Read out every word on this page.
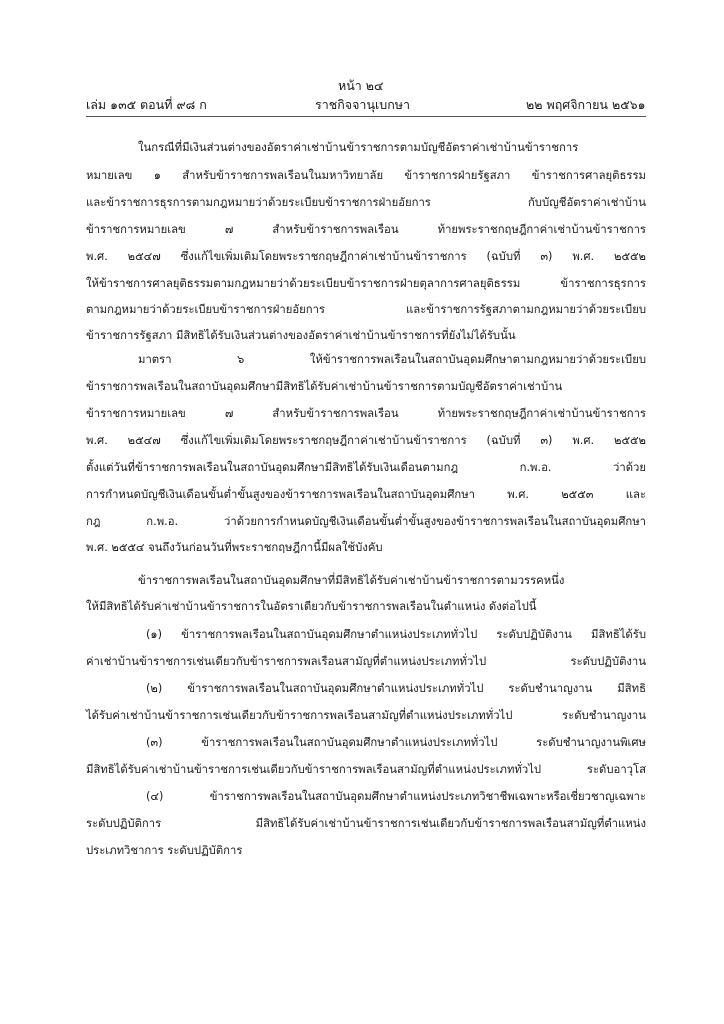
หน้า ๒๔
เล่ม ๑๓๕ ตอนที่ ๙๘ ก	ราชกิจจานุเบกษา	๒๒ พฤศจิกายน ๒๕๖๑
ในกรณีที่มีเงินส่วนต่างของอัตราค่าเช่าบ้านข้าราชการตามบัญชีอัตราค่าเช่าบ้านข้าราชการ
หมายเลข ๑ สำหรับข้าราชการพลเรือนในมหาวิทยาลัย ข้าราชการฝ่ายรัฐสภา ข้าราชการศาลยุติธรรม
และข้าราชการธุรการตามกฎหมายว่าด้วยระเบียบข้าราชการฝ่ายอัยการ กับบัญชีอัตราค่าเช่าบ้าน
ข้าราชการหมายเลข ๗ สำหรับข้าราชการพลเรือน ท้ายพระราชกฤษฎีกาค่าเช่าบ้านข้าราชการ
พ.ศ. ๒๕๔๗ ซึ่งแก้ไขเพิ่มเติมโดยพระราชกฤษฎีกาค่าเช่าบ้านข้าราชการ (ฉบับที่ ๓) พ.ศ. ๒๕๕๒
ให้ข้าราชการศาลยุติธรรมตามกฎหมายว่าด้วยระเบียบข้าราชการฝ่ายตุลาการศาลยุติธรรม ข้าราชการธุรการ
ตามกฎหมายว่าด้วยระเบียบข้าราชการฝ่ายอัยการ และข้าราชการรัฐสภาตามกฎหมายว่าด้วยระเบียบ
ข้าราชการรัฐสภา มีสิทธิได้รับเงินส่วนต่างของอัตราค่าเช่าบ้านข้าราชการที่ยังไม่ได้รับนั้น
มาตรา ๖ ให้ข้าราชการพลเรือนในสถาบันอุดมศึกษาตามกฎหมายว่าด้วยระเบียบ
ข้าราชการพลเรือนในสถาบันอุดมศึกษามีสิทธิได้รับค่าเช่าบ้านข้าราชการตามบัญชีอัตราค่าเช่าบ้าน
ข้าราชการหมายเลข ๗ สำหรับข้าราชการพลเรือน ท้ายพระราชกฤษฎีกาค่าเช่าบ้านข้าราชการ
พ.ศ. ๒๕๔๗ ซึ่งแก้ไขเพิ่มเติมโดยพระราชกฤษฎีกาค่าเช่าบ้านข้าราชการ (ฉบับที่ ๓) พ.ศ. ๒๕๕๒
ตั้งแต่วันที่ข้าราชการพลเรือนในสถาบันอุดมศึกษามีสิทธิได้รับเงินเดือนตามกฎ ก.พ.อ. ว่าด้วย
การกำหนดบัญชีเงินเดือนขั้นต่ำขั้นสูงของข้าราชการพลเรือนในสถาบันอุดมศึกษา พ.ศ. ๒๕๕๓ และ
กฎ ก.พ.อ. ว่าด้วยการกำหนดบัญชีเงินเดือนขั้นต่ำขั้นสูงของข้าราชการพลเรือนในสถาบันอุดมศึกษา
พ.ศ. ๒๕๕๔ จนถึงวันก่อนวันที่พระราชกฤษฎีกานี้มีผลใช้บังคับ
ข้าราชการพลเรือนในสถาบันอุดมศึกษาที่มีสิทธิได้รับค่าเช่าบ้านข้าราชการตามวรรคหนึ่ง
ให้มีสิทธิได้รับค่าเช่าบ้านข้าราชการในอัตราเดียวกับข้าราชการพลเรือนในตำแหน่ง ดังต่อไปนี้
(๑) ข้าราชการพลเรือนในสถาบันอุดมศึกษาตำแหน่งประเภททั่วไป ระดับปฏิบัติงาน มีสิทธิได้รับ
ค่าเช่าบ้านข้าราชการเช่นเดียวกับข้าราชการพลเรือนสามัญที่ตำแหน่งประเภททั่วไป ระดับปฏิบัติงาน
(๒) ข้าราชการพลเรือนในสถาบันอุดมศึกษาตำแหน่งประเภททั่วไป ระดับชำนาญงาน มีสิทธิ
ได้รับค่าเช่าบ้านข้าราชการเช่นเดียวกับข้าราชการพลเรือนสามัญที่ตำแหน่งประเภททั่วไป ระดับชำนาญงาน
(๓) ข้าราชการพลเรือนในสถาบันอุดมศึกษาตำแหน่งประเภททั่วไป ระดับชำนาญงานพิเศษ
มีสิทธิได้รับค่าเช่าบ้านข้าราชการเช่นเดียวกับข้าราชการพลเรือนสามัญที่ตำแหน่งประเภททั่วไป ระดับอาวุโส
(๔) ข้าราชการพลเรือนในสถาบันอุดมศึกษาตำแหน่งประเภทวิชาชีพเฉพาะหรือเชี่ยวชาญเฉพาะ
ระดับปฏิบัติการ มีสิทธิได้รับค่าเช่าบ้านข้าราชการเช่นเดียวกับข้าราชการพลเรือนสามัญที่ตำแหน่ง
ประเภทวิชาการ ระดับปฏิบัติการ
